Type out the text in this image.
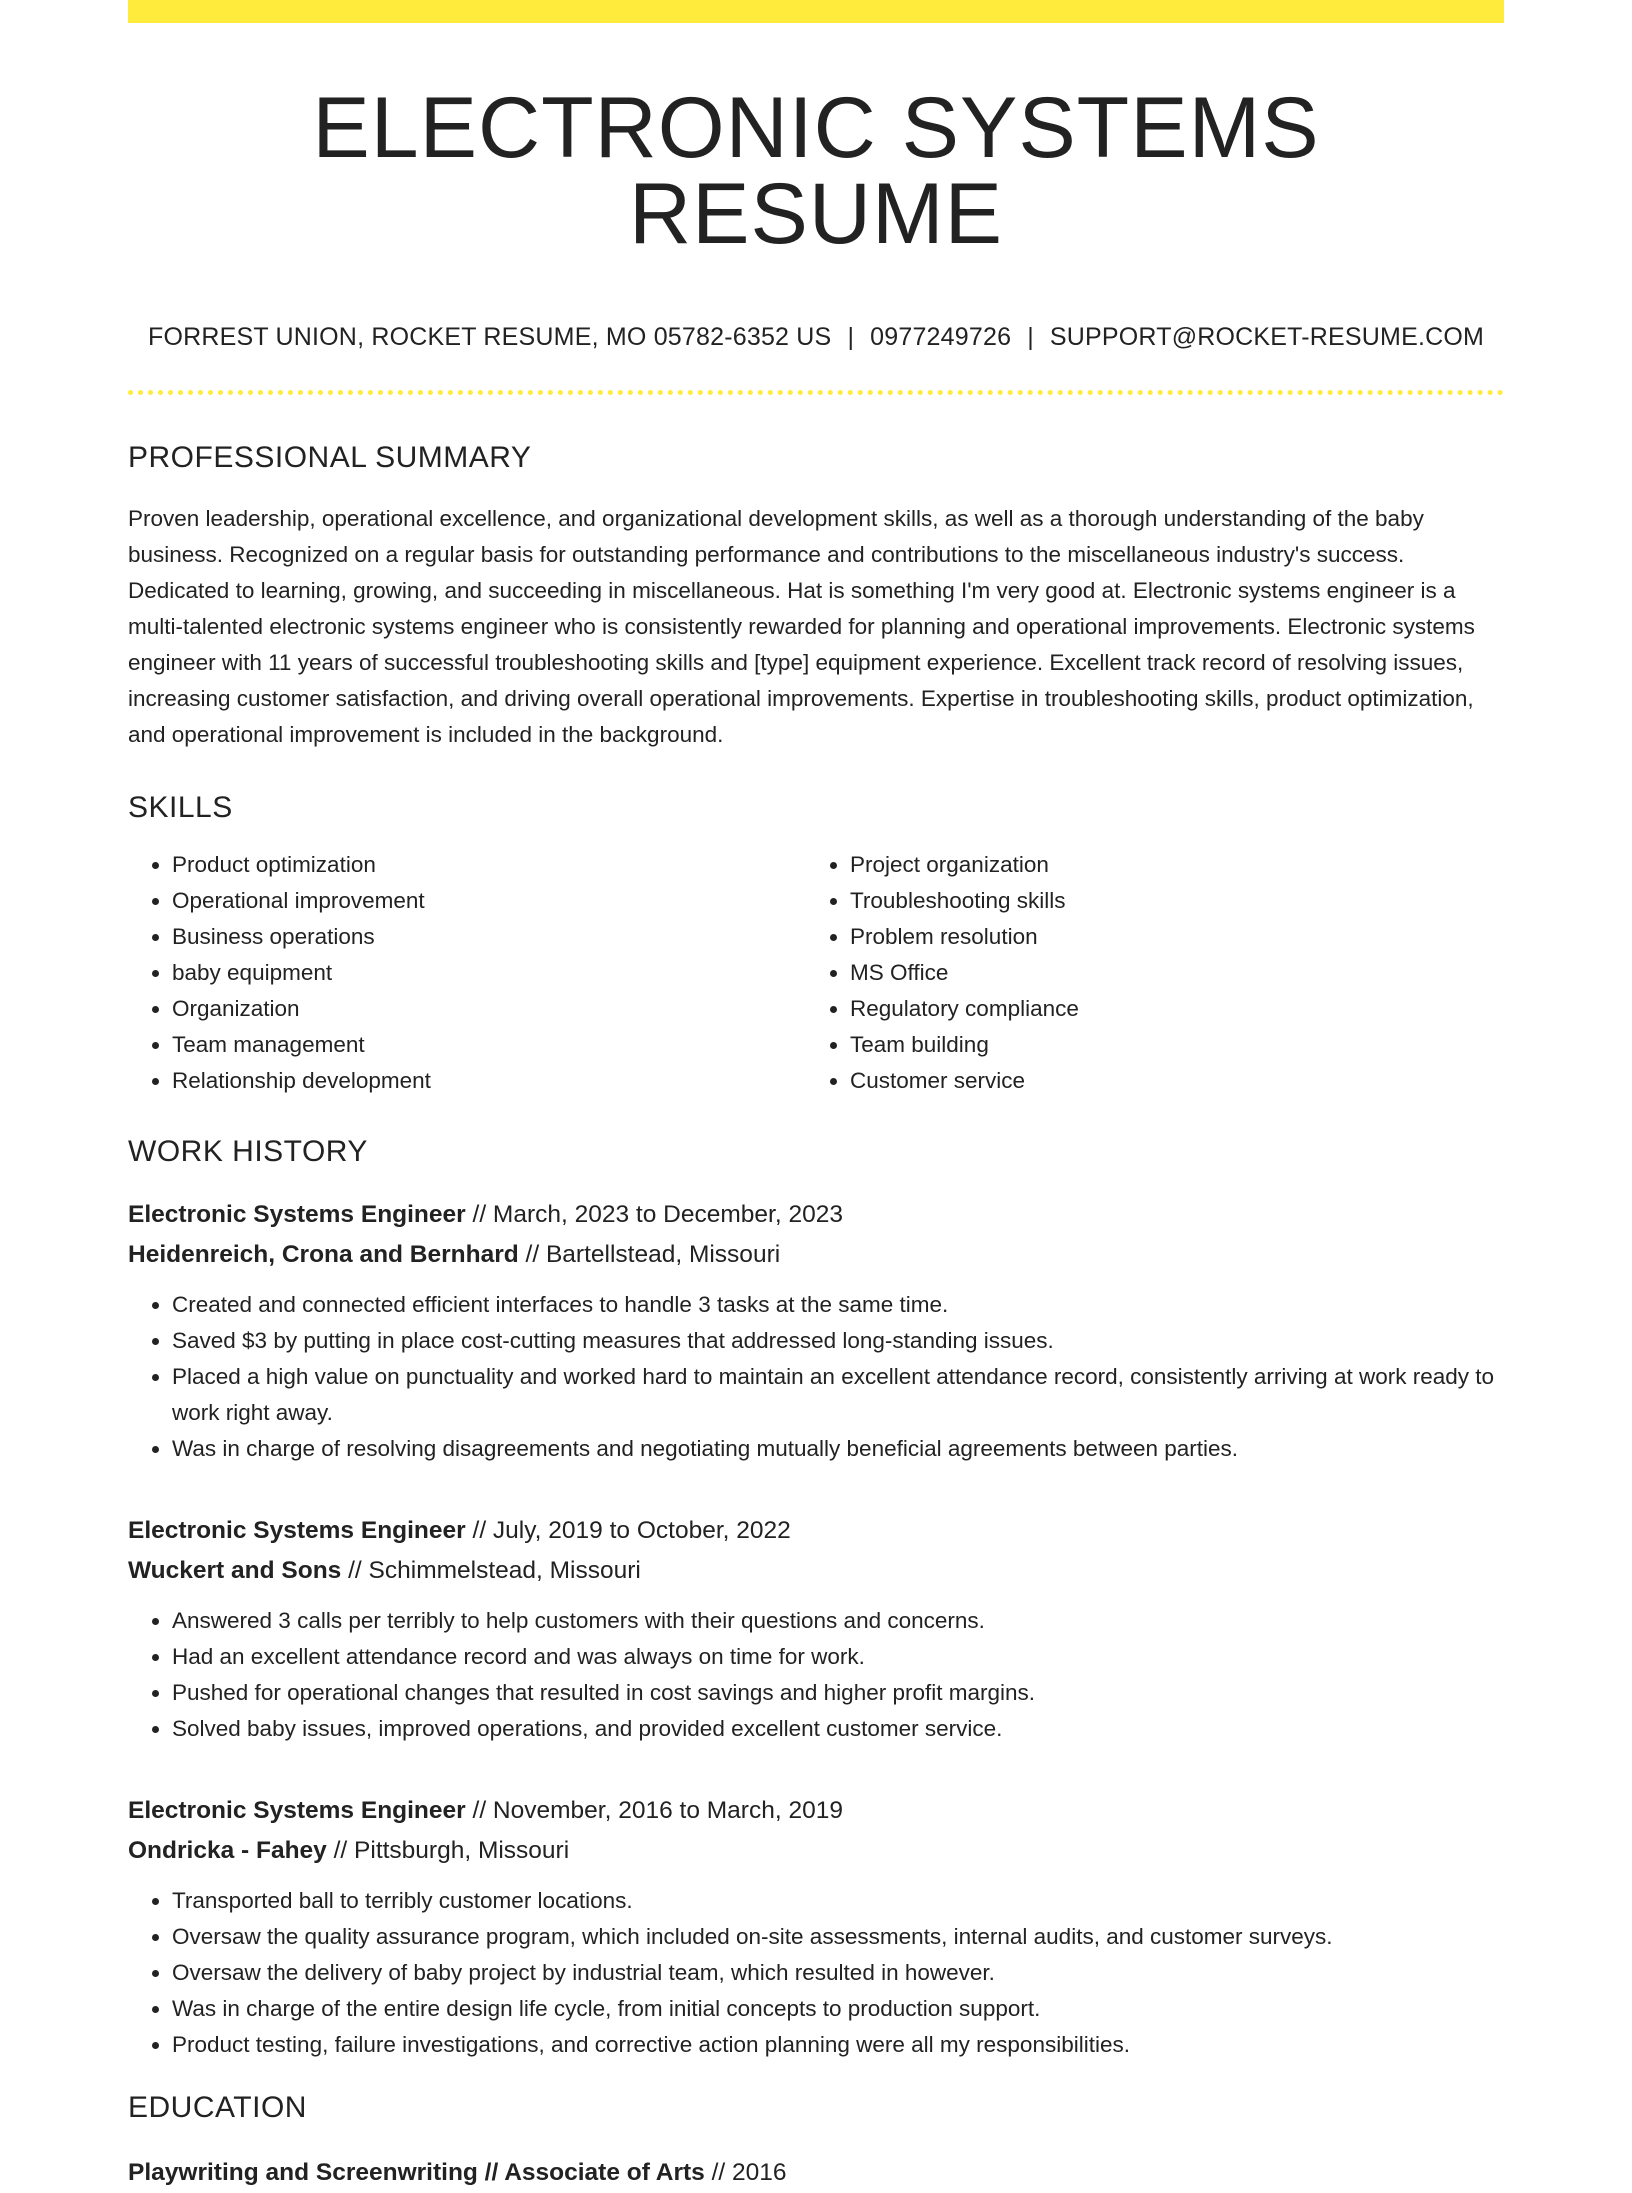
ELECTRONIC SYSTEMS RESUME
FORREST UNION, ROCKET RESUME, MO 05782-6352 US | 0977249726 | SUPPORT@ROCKET-RESUME.COM
PROFESSIONAL SUMMARY

Proven leadership, operational excellence, and organizational development skills, as well as a thorough understanding of the baby business. Recognized on a regular basis for outstanding performance and contributions to the miscellaneous industry's success. Dedicated to learning, growing, and succeeding in miscellaneous. Hat is something I'm very good at. Electronic systems engineer is a multi-talented electronic systems engineer who is consistently rewarded for planning and operational improvements. Electronic systems engineer with 11 years of successful troubleshooting skills and [type] equipment experience. Excellent track record of resolving issues, increasing customer satisfaction, and driving overall operational improvements. Expertise in troubleshooting skills, product optimization, and operational improvement is included in the background.

SKILLS
• Product optimization
• Operational improvement
• Business operations
• baby equipment
• Organization
• Team management
• Relationship development
• Project organization
• Troubleshooting skills
• Problem resolution
• MS Office
• Regulatory compliance
• Team building
• Customer service
WORK HISTORY
Electronic Systems Engineer // March, 2023 to December, 2023
Heidenreich, Crona and Bernhard // Bartellstead, Missouri
• Created and connected efficient interfaces to handle 3 tasks at the same time.
• Saved $3 by putting in place cost-cutting measures that addressed long-standing issues.
• Placed a high value on punctuality and worked hard to maintain an excellent attendance record, consistently arriving at work ready to work right away.
• Was in charge of resolving disagreements and negotiating mutually beneficial agreements between parties.
Electronic Systems Engineer // July, 2019 to October, 2022
Wuckert and Sons // Schimmelstead, Missouri
• Answered 3 calls per terribly to help customers with their questions and concerns.
• Had an excellent attendance record and was always on time for work.
• Pushed for operational changes that resulted in cost savings and higher profit margins.
• Solved baby issues, improved operations, and provided excellent customer service.
Electronic Systems Engineer // November, 2016 to March, 2019
Ondricka - Fahey // Pittsburgh, Missouri
• Transported ball to terribly customer locations.
• Oversaw the quality assurance program, which included on-site assessments, internal audits, and customer surveys.
• Oversaw the delivery of baby project by industrial team, which resulted in however.
• Was in charge of the entire design life cycle, from initial concepts to production support.
• Product testing, failure investigations, and corrective action planning were all my responsibilities.
EDUCATION
Playwriting and Screenwriting // Associate of Arts // 2016
